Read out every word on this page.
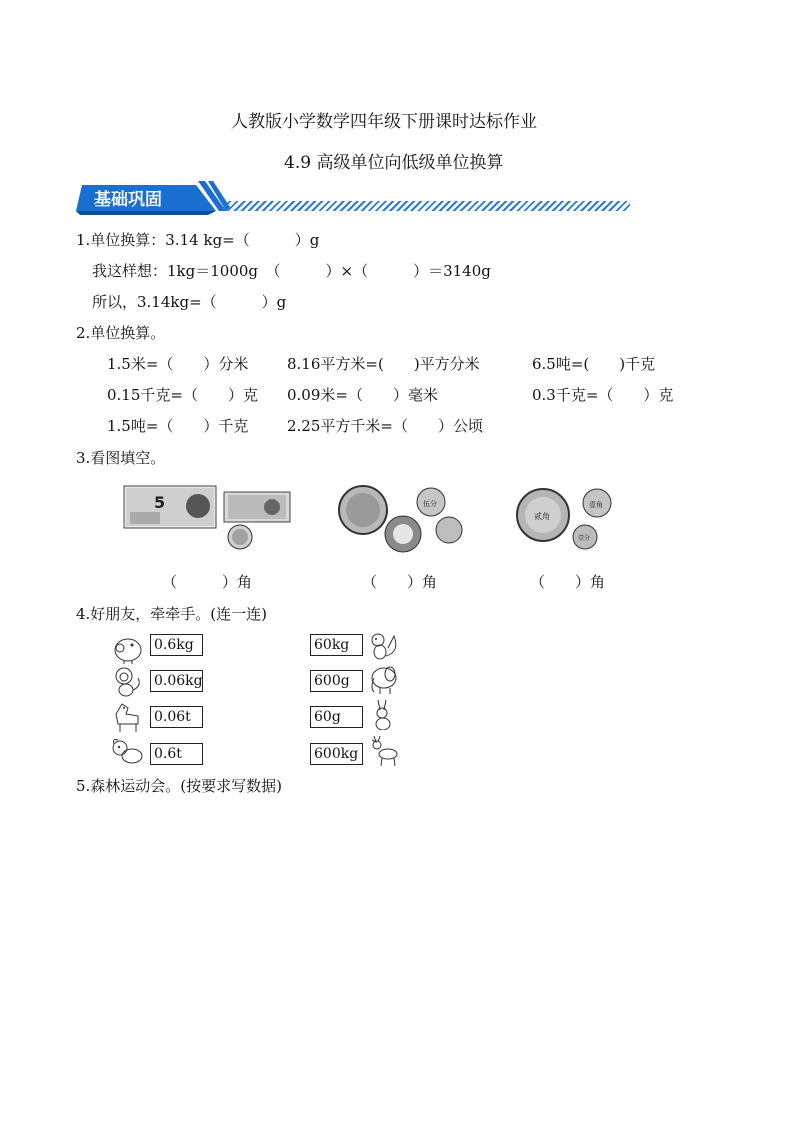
人教版小学数学四年级下册课时达标作业
4.9 高级单位向低级单位换算
基础巩固
1.单位换算：3.14 kg=（　　　）g
我这样想：1kg＝1000g　（　　　）×（　　　）＝3140g
所以，3.14kg=（　　　）g
2.单位换算。
1.5米=（　　）分米	8.16平方米=(　　)平方分米	6.5吨=(　　)千克
0.15千克=（　　）克 0.09米=（　　）毫米	0.3千克=（　　）克
1.5吨=（　　）千克	2.25平方千米=（　　）公顷
3.看图填空。
5	伍分
贰角
壹角
壹分
（　　　）角	（　　）角	（　　）角
4.好朋友，牵牵手。(连一连)
0.6kg
0.06kg
0.06t
0.6t
60kg
600g
60g
600kg
5.森林运动会。(按要求写数据)
